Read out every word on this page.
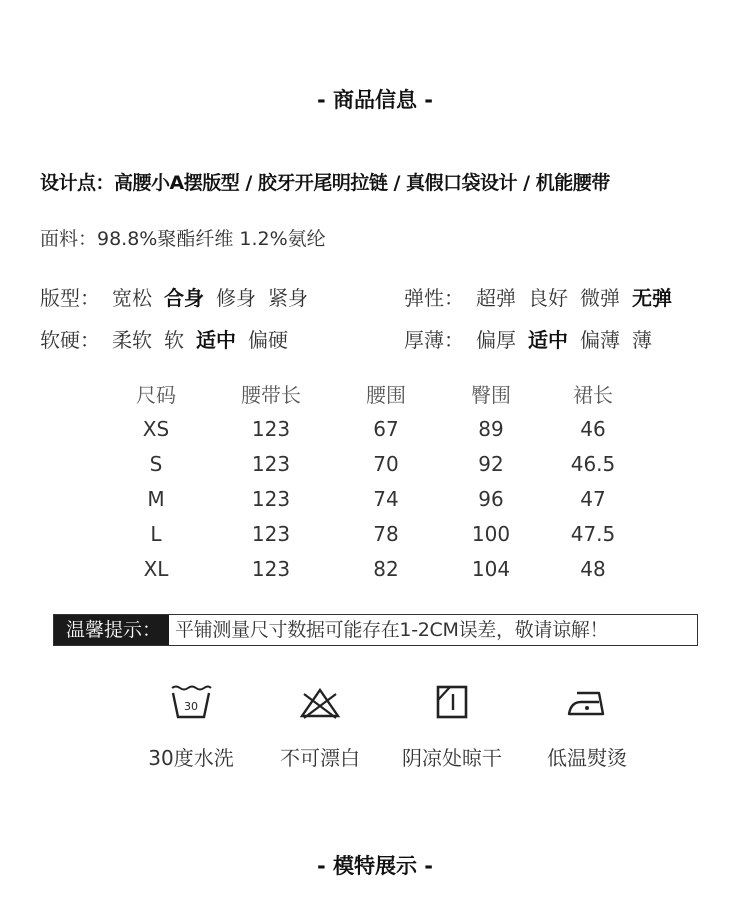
- 商品信息 -
设计点：高腰小A摆版型 / 胶牙开尾明拉链 / 真假口袋设计 / 机能腰带
面料：98.8%聚酯纤维 1.2%氨纶
版型： 宽松 合身 修身 紧身	弹性： 超弹 良好 微弹 无弹
软硬： 柔软 软 适中 偏硬	厚薄： 偏厚 适中 偏薄 薄
尺码	腰带长	腰围	臀围	裙长
XS	123	67	89	46
S	123	70	92	46.5
M	123	74	96	47
L	123	78	100	47.5
XL	123	82	104	48
温馨提示： 平铺测量尺寸数据可能存在1-2CM误差，敬请谅解！
30
30度水洗	不可漂白	阴凉处晾干	低温熨烫
- 模特展示 -
